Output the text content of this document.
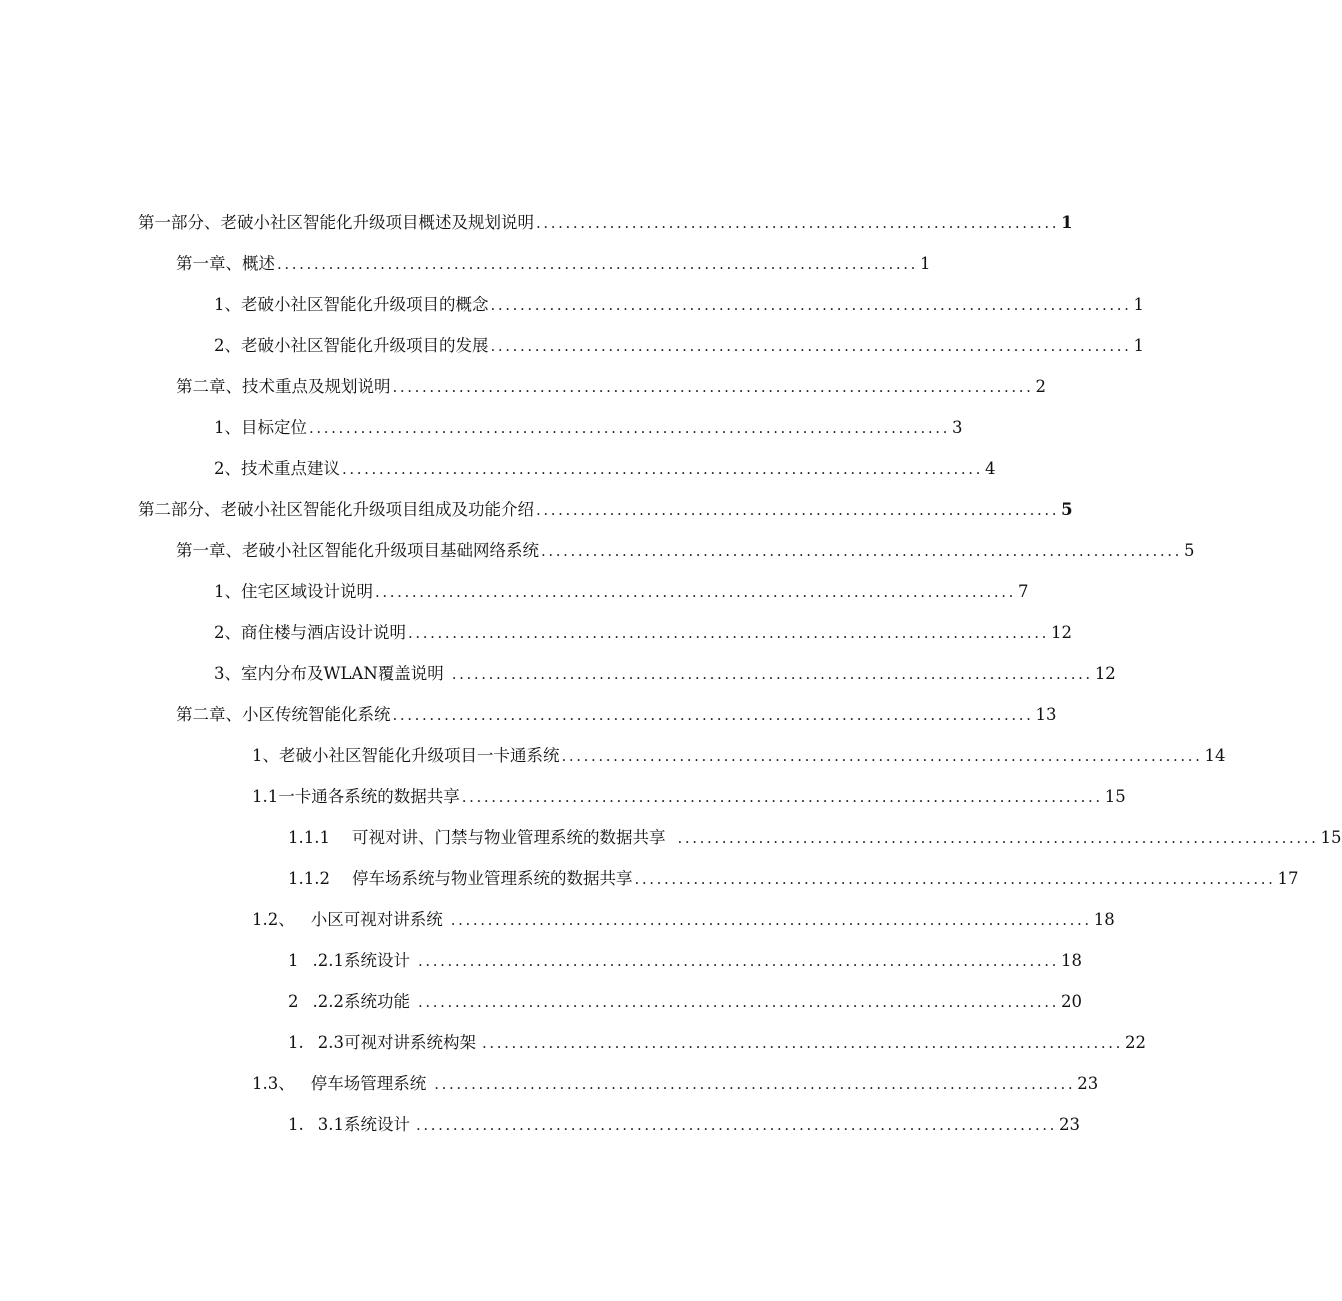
第一部分、老破小社区智能化升级项目概述及规划说明 ....................................................................... 1
第一章、概述 ....................................................................................... 1
1、老破小社区智能化升级项目的概念 ....................................................................................... 1
2、老破小社区智能化升级项目的发展 ....................................................................................... 1
第二章、技术重点及规划说明 ....................................................................................... 2
1、目标定位 ....................................................................................... 3
2、技术重点建议 ....................................................................................... 4
第二部分、老破小社区智能化升级项目组成及功能介绍 ....................................................................... 5
第一章、老破小社区智能化升级项目基础网络系统 ....................................................................................... 5
1、住宅区域设计说明 ....................................................................................... 7
2、商住楼与酒店设计说明 ....................................................................................... 12
3、室内分布及WLAN覆盖说明 ....................................................................................... 12
第二章、小区传统智能化系统 ....................................................................................... 13
1、老破小社区智能化升级项目一卡通系统 ....................................................................................... 14
1.1一卡通各系统的数据共享 ....................................................................................... 15
1.1.1 可视对讲、门禁与物业管理系统的数据共享 ....................................................................................... 15
1.1.2 停车场系统与物业管理系统的数据共享 ....................................................................................... 17
1.2、 小区可视对讲系统 ....................................................................................... 18
1 .2.1系统设计 ....................................................................................... 18
2 .2.2系统功能 ....................................................................................... 20
1. 2.3可视对讲系统构架 ....................................................................................... 22
1.3、 停车场管理系统 ....................................................................................... 23
1. 3.1系统设计 ....................................................................................... 23
